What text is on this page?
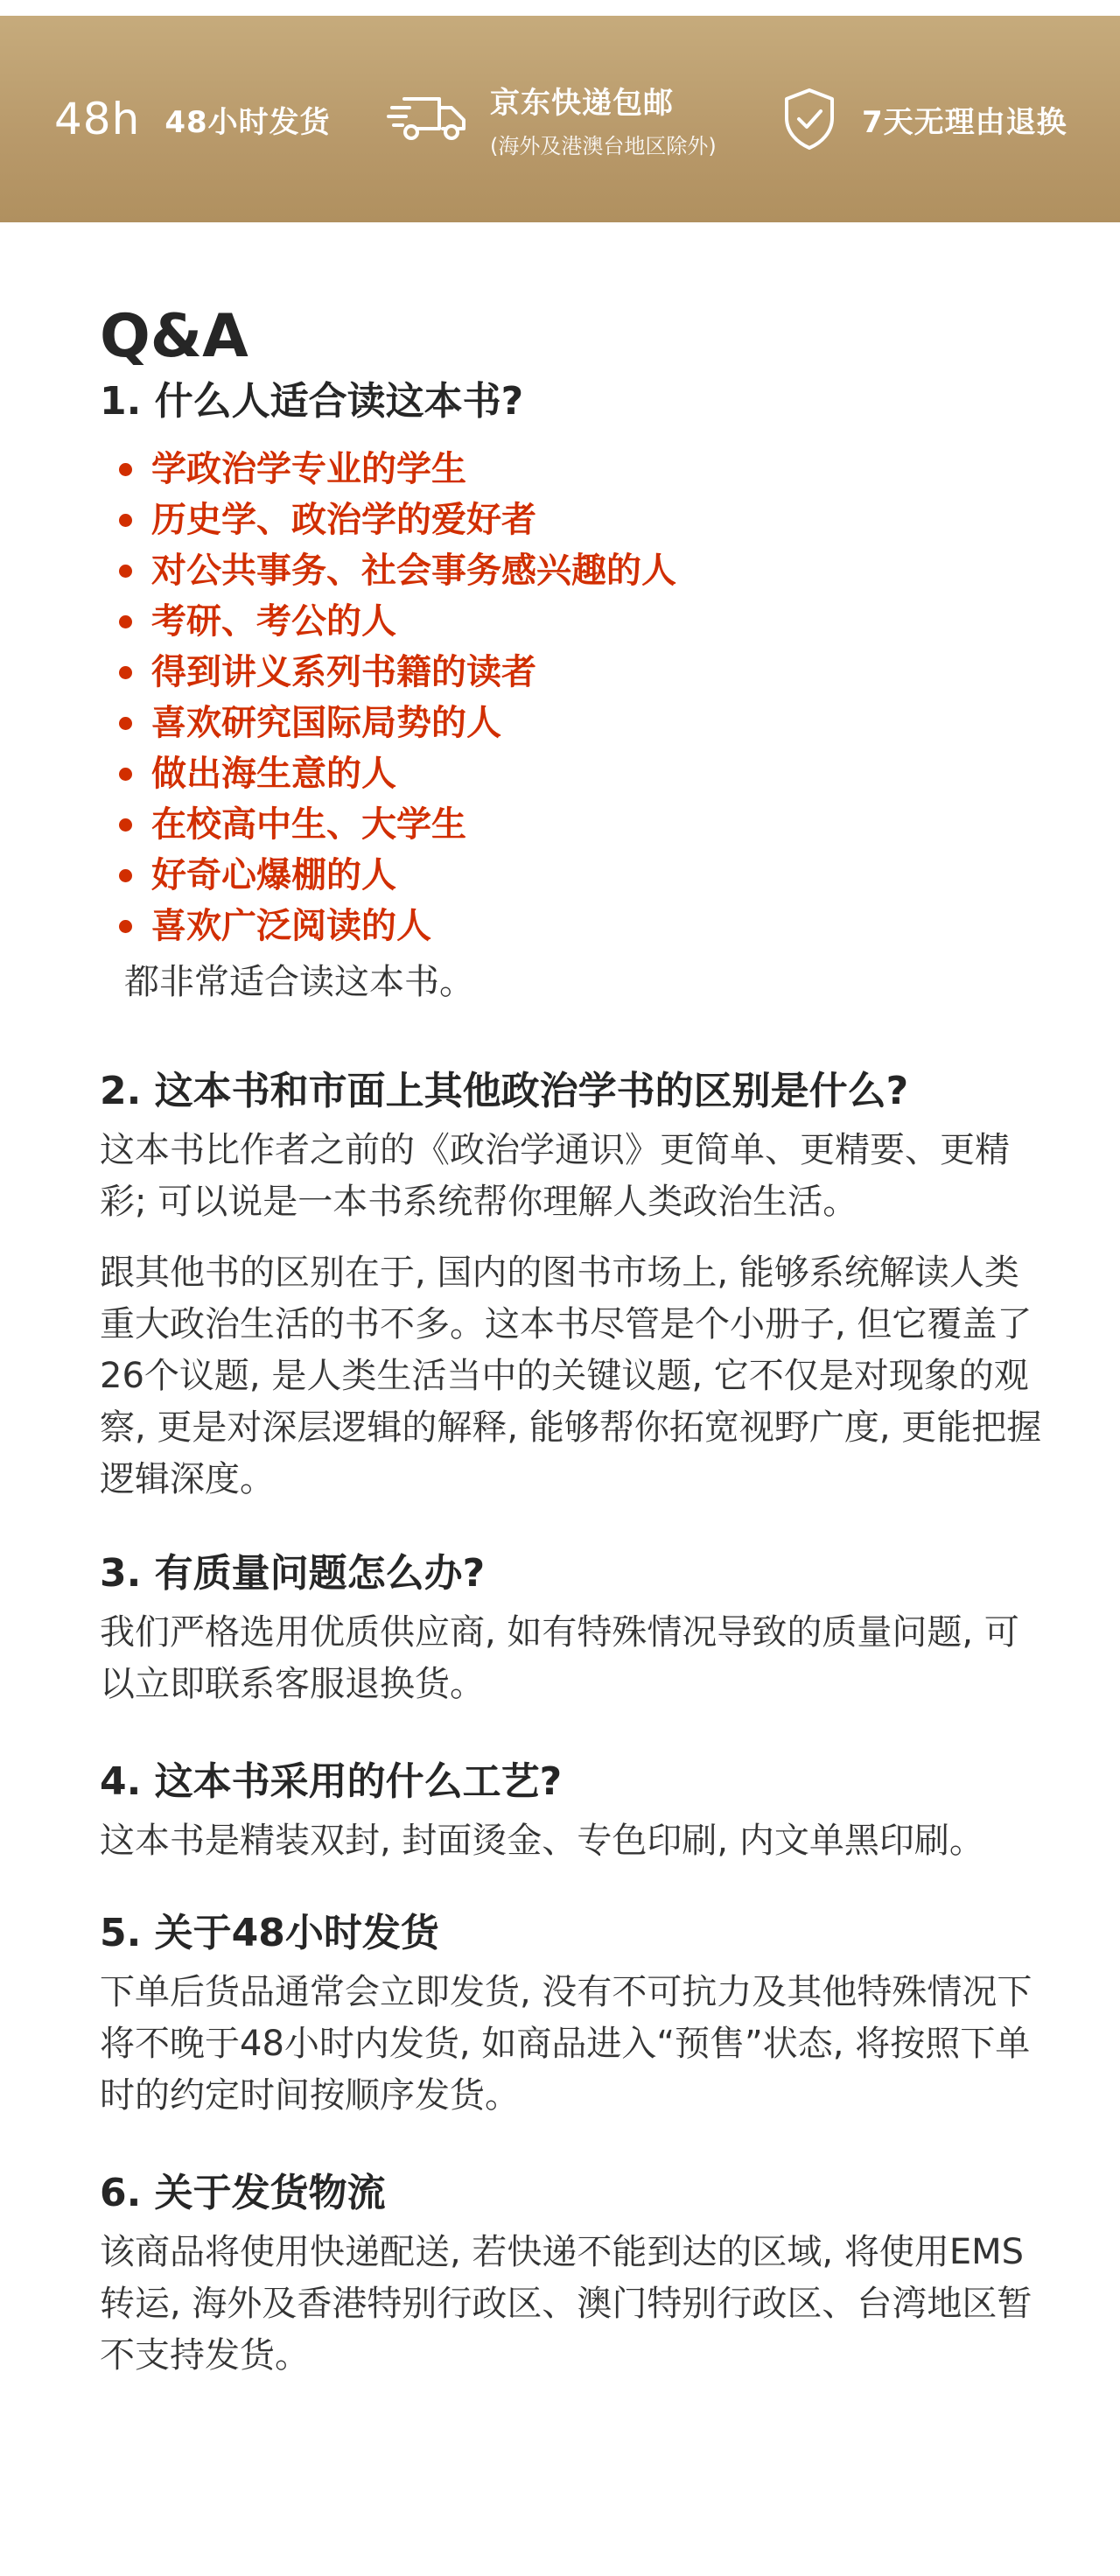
48h 48小时发货
京东快递包邮
(海外及港澳台地区除外)
7天无理由退换
Q&A

1. 什么人适合读这本书?

学政治学专业的学生
历史学、政治学的爱好者
对公共事务、社会事务感兴趣的人
考研、考公的人
得到讲义系列书籍的读者
喜欢研究国际局势的人
做出海生意的人
在校高中生、大学生
好奇心爆棚的人
喜欢广泛阅读的人

都非常适合读这本书。

2. 这本书和市面上其他政治学书的区别是什么?

这本书比作者之前的《政治学通识》更简单、更精要、更精彩; 可以说是一本书系统帮你理解人类政治生活。

跟其他书的区别在于, 国内的图书市场上, 能够系统解读人类重大政治生活的书不多。这本书尽管是个小册子, 但它覆盖了26个议题, 是人类生活当中的关键议题, 它不仅是对现象的观察, 更是对深层逻辑的解释, 能够帮你拓宽视野广度, 更能把握逻辑深度。

3. 有质量问题怎么办?

我们严格选用优质供应商, 如有特殊情况导致的质量问题, 可以立即联系客服退换货。

4. 这本书采用的什么工艺?

这本书是精装双封, 封面烫金、专色印刷, 内文单黑印刷。

5. 关于48小时发货

下单后货品通常会立即发货, 没有不可抗力及其他特殊情况下将不晚于48小时内发货, 如商品进入“预售”状态, 将按照下单时的约定时间按顺序发货。

6. 关于发货物流

该商品将使用快递配送, 若快递不能到达的区域, 将使用EMS转运, 海外及香港特别行政区、澳门特别行政区、台湾地区暂不支持发货。
